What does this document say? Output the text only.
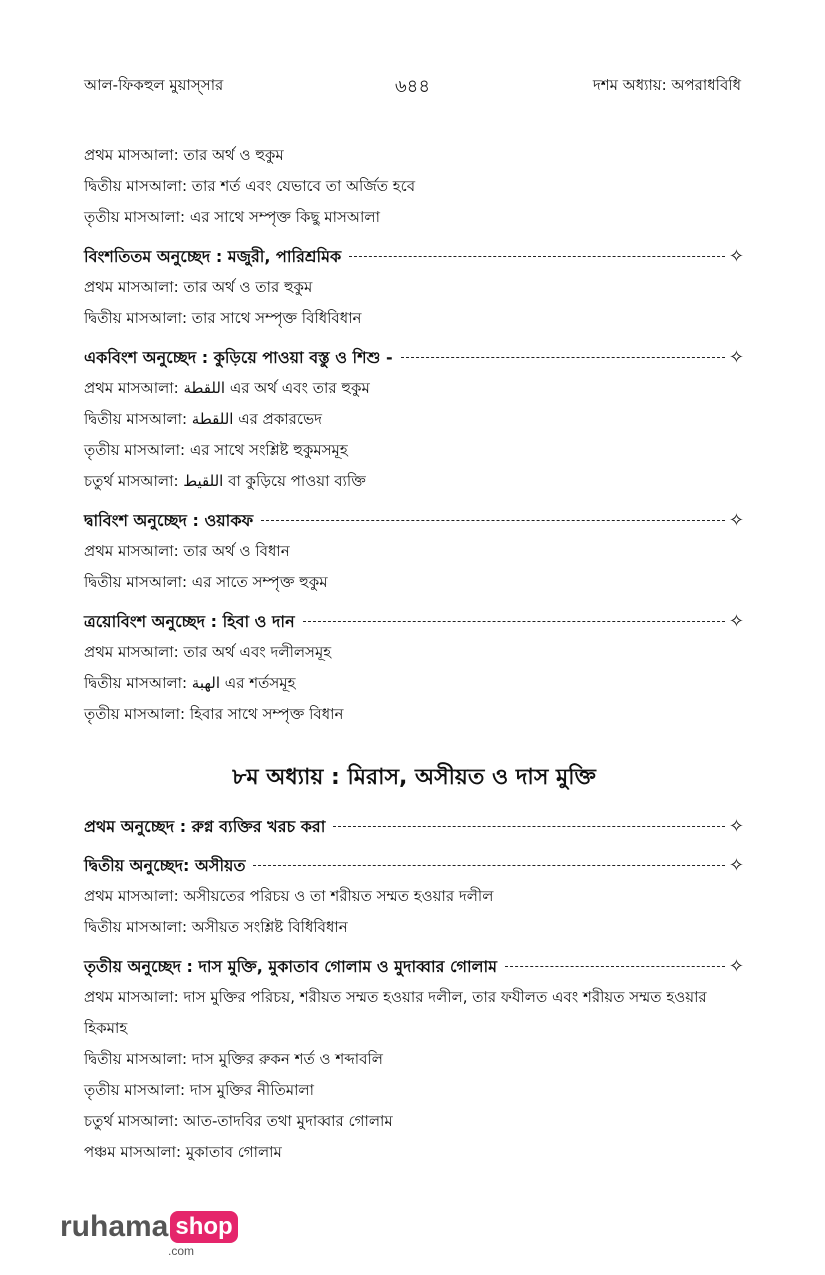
আল-ফিকহুল মুয়াস্সার	৬৪৪	দশম অধ্যায়: অপরাধবিধি
প্রথম মাসআলা: তার অর্থ ও হুকুম
দ্বিতীয় মাসআলা: তার শর্ত এবং যেভাবে তা অর্জিত হবে
তৃতীয় মাসআলা: এর সাথে সম্পৃক্ত কিছু মাসআলা
বিংশতিতম অনুচ্ছেদ : মজুরী, পারিশ্রমিক	✧
প্রথম মাসআলা: তার অর্থ ও তার হুকুম
দ্বিতীয় মাসআলা: তার সাথে সম্পৃক্ত বিধিবিধান
একবিংশ অনুচ্ছেদ : কুড়িয়ে পাওয়া বস্তু ও শিশু -	✧
প্রথম মাসআলা: اللقطة এর অর্থ এবং তার হুকুম
দ্বিতীয় মাসআলা: اللقطة এর প্রকারভেদ
তৃতীয় মাসআলা: এর সাথে সংশ্লিষ্ট হুকুমসমূহ
চতুর্থ মাসআলা: اللقيط বা কুড়িয়ে পাওয়া ব্যক্তি
দ্বাবিংশ অনুচ্ছেদ : ওয়াকফ	✧
প্রথম মাসআলা: তার অর্থ ও বিধান
দ্বিতীয় মাসআলা: এর সাতে সম্পৃক্ত হুকুম
ত্রয়োবিংশ অনুচ্ছেদ : হিবা ও দান	✧
প্রথম মাসআলা: তার অর্থ এবং দলীলসমূহ
দ্বিতীয় মাসআলা: الهبة এর শর্তসমূহ
তৃতীয় মাসআলা: হিবার সাথে সম্পৃক্ত বিধান
৮ম অধ্যায় : মিরাস, অসীয়ত ও দাস মুক্তি
প্রথম অনুচ্ছেদ : রুগ্ন ব্যক্তির খরচ করা	✧
দ্বিতীয় অনুচ্ছেদ: অসীয়ত	✧
প্রথম মাসআলা: অসীয়তের পরিচয় ও তা শরীয়ত সম্মত হওয়ার দলীল
দ্বিতীয় মাসআলা: অসীয়ত সংশ্লিষ্ট বিধিবিধান
তৃতীয় অনুচ্ছেদ : দাস মুক্তি, মুকাতাব গোলাম ও মুদাব্বার গোলাম	✧
প্রথম মাসআলা: দাস মুক্তির পরিচয়, শরীয়ত সম্মত হওয়ার দলীল, তার ফযীলত এবং শরীয়ত সম্মত হওয়ার হিকমাহ
দ্বিতীয় মাসআলা: দাস মুক্তির রুকন শর্ত ও শব্দাবলি
তৃতীয় মাসআলা: দাস মুক্তির নীতিমালা
চতুর্থ মাসআলা: আত-তাদবির তথা মুদাব্বার গোলাম
পঞ্চম মাসআলা: মুকাতাব গোলাম
ruhama shop
.com
